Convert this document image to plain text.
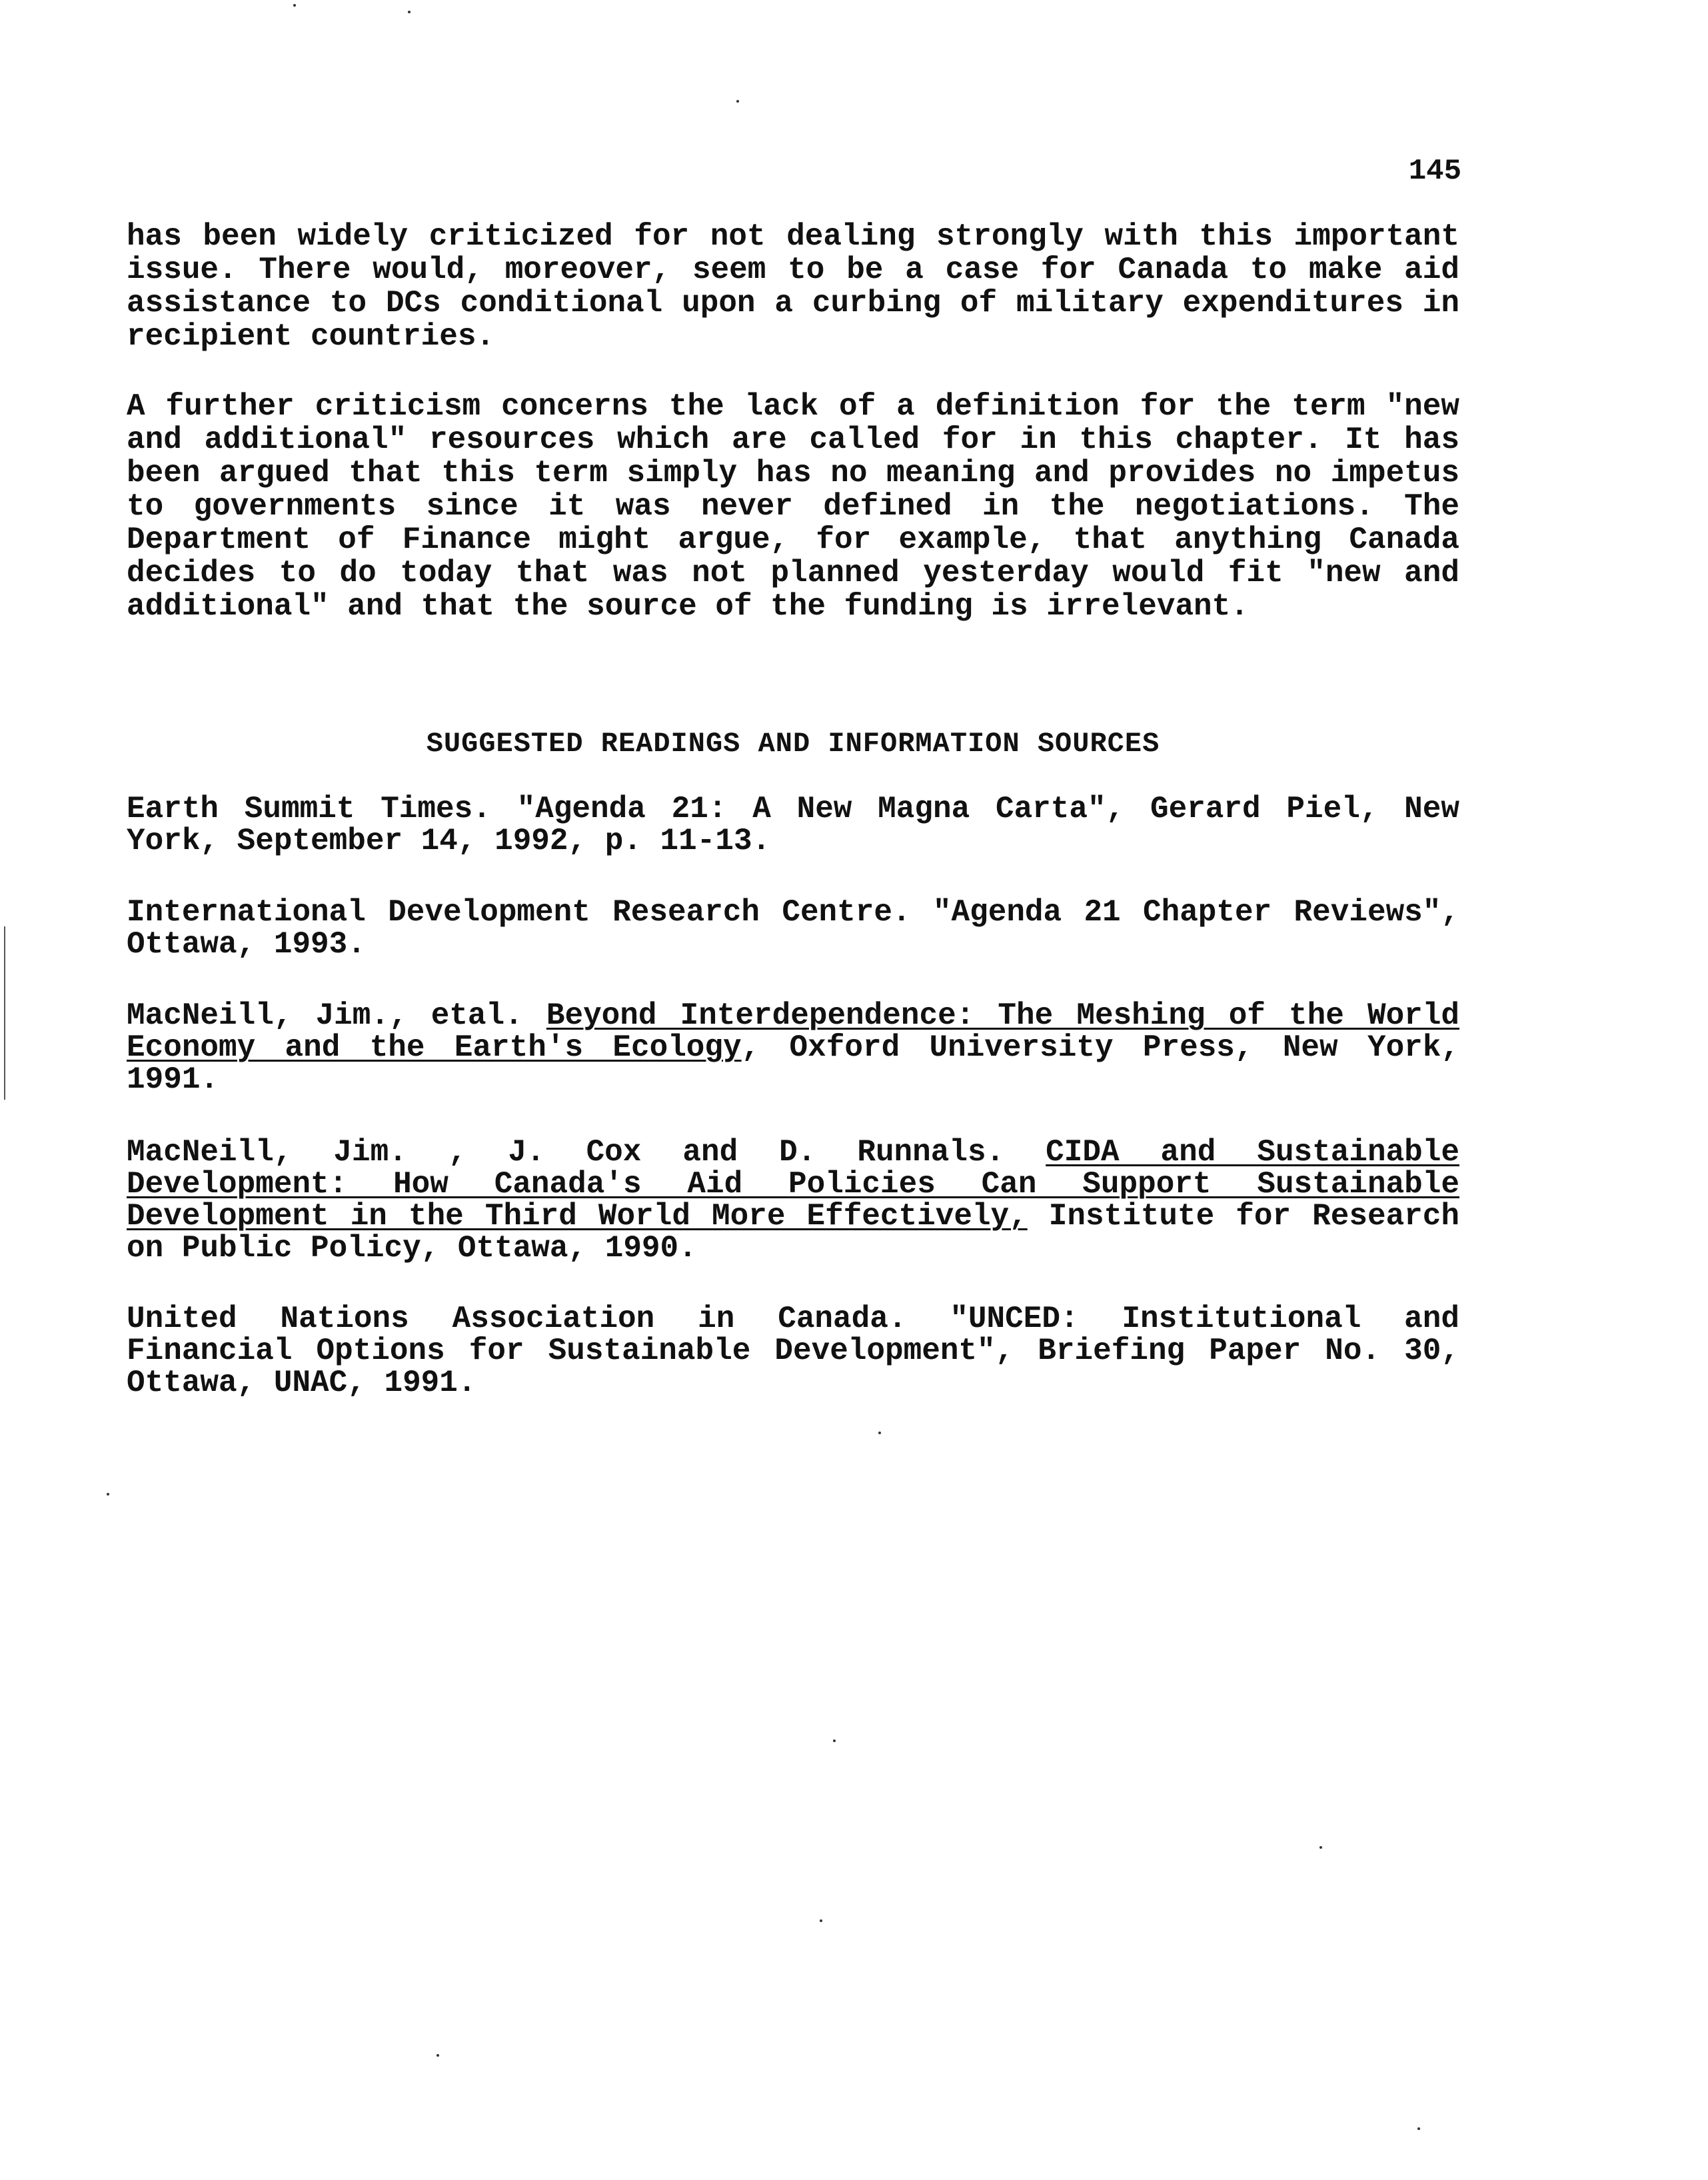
145

has been widely criticized for not dealing strongly with this important issue. There would, moreover, seem to be a case for Canada to make aid assistance to DCs conditional upon a curbing of military expenditures in recipient countries.

A further criticism concerns the lack of a definition for the term "new and additional" resources which are called for in this chapter. It has been argued that this term simply has no meaning and provides no impetus to governments since it was never defined in the negotiations. The Department of Finance might argue, for example, that anything Canada decides to do today that was not planned yesterday would fit "new and additional" and that the source of the funding is irrelevant.

SUGGESTED READINGS AND INFORMATION SOURCES

Earth Summit Times. "Agenda 21: A New Magna Carta", Gerard Piel, New York, September 14, 1992, p. 11-13.

International Development Research Centre. "Agenda 21 Chapter Reviews", Ottawa, 1993.

MacNeill, Jim., etal. Beyond Interdependence: The Meshing of the World Economy and the Earth's Ecology, Oxford University Press, New York, 1991.

MacNeill, Jim. , J. Cox and D. Runnals. CIDA and Sustainable Development: How Canada's Aid Policies Can Support Sustainable Development in the Third World More Effectively, Institute for Research on Public Policy, Ottawa, 1990.

United Nations Association in Canada. "UNCED: Institutional and Financial Options for Sustainable Development", Briefing Paper No. 30, Ottawa, UNAC, 1991.
